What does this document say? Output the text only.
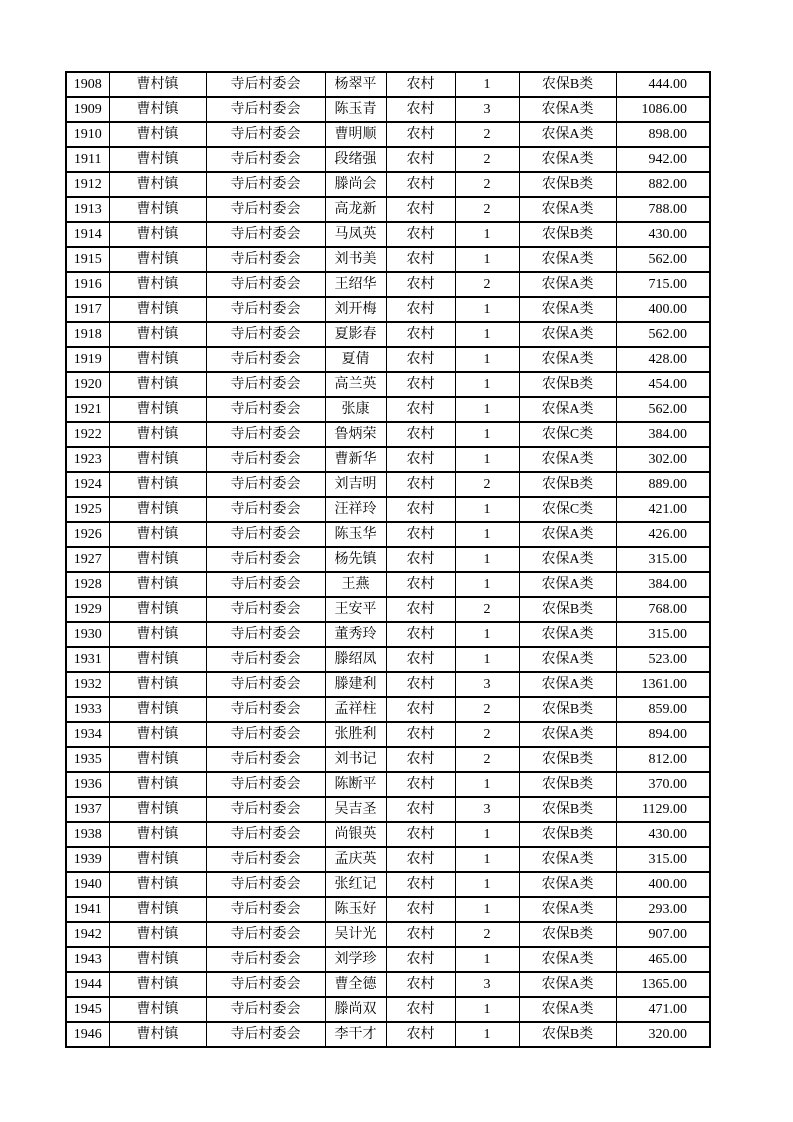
1908	曹村镇	寺后村委会	杨翠平	农村	1	农保B类	444.00
1909	曹村镇	寺后村委会	陈玉青	农村	3	农保A类	1086.00
1910	曹村镇	寺后村委会	曹明顺	农村	2	农保A类	898.00
1911	曹村镇	寺后村委会	段绪强	农村	2	农保A类	942.00
1912	曹村镇	寺后村委会	滕尚会	农村	2	农保B类	882.00
1913	曹村镇	寺后村委会	高龙新	农村	2	农保A类	788.00
1914	曹村镇	寺后村委会	马凤英	农村	1	农保B类	430.00
1915	曹村镇	寺后村委会	刘书美	农村	1	农保A类	562.00
1916	曹村镇	寺后村委会	王绍华	农村	2	农保A类	715.00
1917	曹村镇	寺后村委会	刘开梅	农村	1	农保A类	400.00
1918	曹村镇	寺后村委会	夏影春	农村	1	农保A类	562.00
1919	曹村镇	寺后村委会	夏倩	农村	1	农保A类	428.00
1920	曹村镇	寺后村委会	高兰英	农村	1	农保B类	454.00
1921	曹村镇	寺后村委会	张康	农村	1	农保A类	562.00
1922	曹村镇	寺后村委会	鲁炳荣	农村	1	农保C类	384.00
1923	曹村镇	寺后村委会	曹新华	农村	1	农保A类	302.00
1924	曹村镇	寺后村委会	刘吉明	农村	2	农保B类	889.00
1925	曹村镇	寺后村委会	汪祥玲	农村	1	农保C类	421.00
1926	曹村镇	寺后村委会	陈玉华	农村	1	农保A类	426.00
1927	曹村镇	寺后村委会	杨先镇	农村	1	农保A类	315.00
1928	曹村镇	寺后村委会	王燕	农村	1	农保A类	384.00
1929	曹村镇	寺后村委会	王安平	农村	2	农保B类	768.00
1930	曹村镇	寺后村委会	董秀玲	农村	1	农保A类	315.00
1931	曹村镇	寺后村委会	滕绍凤	农村	1	农保A类	523.00
1932	曹村镇	寺后村委会	滕建利	农村	3	农保A类	1361.00
1933	曹村镇	寺后村委会	孟祥柱	农村	2	农保B类	859.00
1934	曹村镇	寺后村委会	张胜利	农村	2	农保A类	894.00
1935	曹村镇	寺后村委会	刘书记	农村	2	农保B类	812.00
1936	曹村镇	寺后村委会	陈断平	农村	1	农保B类	370.00
1937	曹村镇	寺后村委会	吴吉圣	农村	3	农保B类	1129.00
1938	曹村镇	寺后村委会	尚银英	农村	1	农保B类	430.00
1939	曹村镇	寺后村委会	孟庆英	农村	1	农保A类	315.00
1940	曹村镇	寺后村委会	张红记	农村	1	农保A类	400.00
1941	曹村镇	寺后村委会	陈玉好	农村	1	农保A类	293.00
1942	曹村镇	寺后村委会	吴计光	农村	2	农保B类	907.00
1943	曹村镇	寺后村委会	刘学珍	农村	1	农保A类	465.00
1944	曹村镇	寺后村委会	曹全德	农村	3	农保A类	1365.00
1945	曹村镇	寺后村委会	滕尚双	农村	1	农保A类	471.00
1946	曹村镇	寺后村委会	李干才	农村	1	农保B类	320.00
